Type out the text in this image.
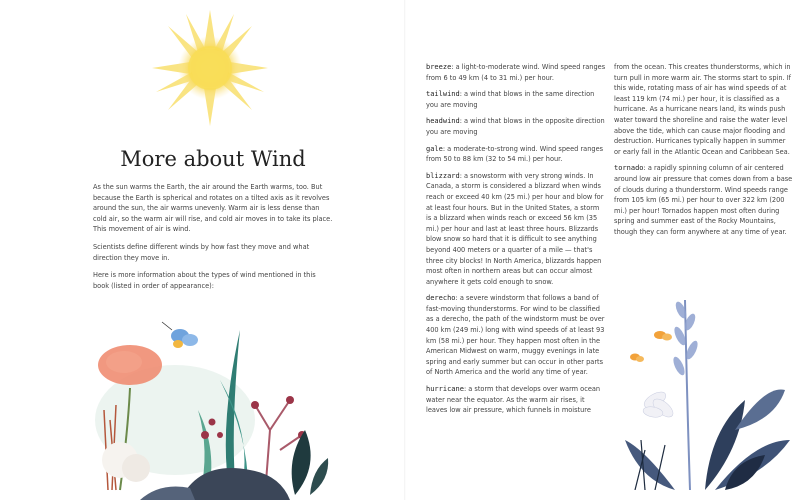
More about Wind

As the sun warms the Earth, the air around the Earth warms, too. But because the Earth is spherical and rotates on a tilted axis as it revolves around the sun, the air warms unevenly. Warm air is less dense than cold air, so the warm air will rise, and cold air moves in to take its place. This movement of air is wind.

Scientists define different winds by how fast they move and what direction they move in.

Here is more information about the types of wind mentioned in this book (listed in order of appearance):

breeze: a light-to-moderate wind. Wind speed ranges from 6 to 49 km (4 to 31 mi.) per hour.
tailwind: a wind that blows in the same direction you are moving
headwind: a wind that blows in the opposite direction you are moving
gale: a moderate-to-strong wind. Wind speed ranges from 50 to 88 km (32 to 54 mi.) per hour.
blizzard: a snowstorm with very strong winds. In Canada, a storm is considered a blizzard when winds reach or exceed 40 km (25 mi.) per hour and blow for at least four hours. But in the United States, a storm is a blizzard when winds reach or exceed 56 km (35 mi.) per hour and last at least three hours. Blizzards blow snow so hard that it is difficult to see anything beyond 400 meters or a quarter of a mile — that's three city blocks! In North America, blizzards happen most often in northern areas but can occur almost anywhere it gets cold enough to snow.
derecho: a severe windstorm that follows a band of fast-moving thunderstorms. For wind to be classified as a derecho, the path of the windstorm must be over 400 km (249 mi.) long with wind speeds of at least 93 km (58 mi.) per hour. They happen most often in the American Midwest on warm, muggy evenings in late spring and early summer but can occur in other parts of North America and the world any time of year.
hurricane: a storm that develops over warm ocean water near the equator. As the warm air rises, it leaves low air pressure, which funnels in moisture
from the ocean. This creates thunderstorms, which in turn pull in more warm air. The storms start to spin. If this wide, rotating mass of air has wind speeds of at least 119 km (74 mi.) per hour, it is classified as a hurricane. As a hurricane nears land, its winds push water toward the shoreline and raise the water level above the tide, which can cause major flooding and destruction. Hurricanes typically happen in summer or early fall in the Atlantic Ocean and Caribbean Sea.
tornado: a rapidly spinning column of air centered around low air pressure that comes down from a base of clouds during a thunderstorm. Wind speeds range from 105 km (65 mi.) per hour to over 322 km (200 mi.) per hour! Tornados happen most often during spring and summer east of the Rocky Mountains, though they can form anywhere at any time of year.
